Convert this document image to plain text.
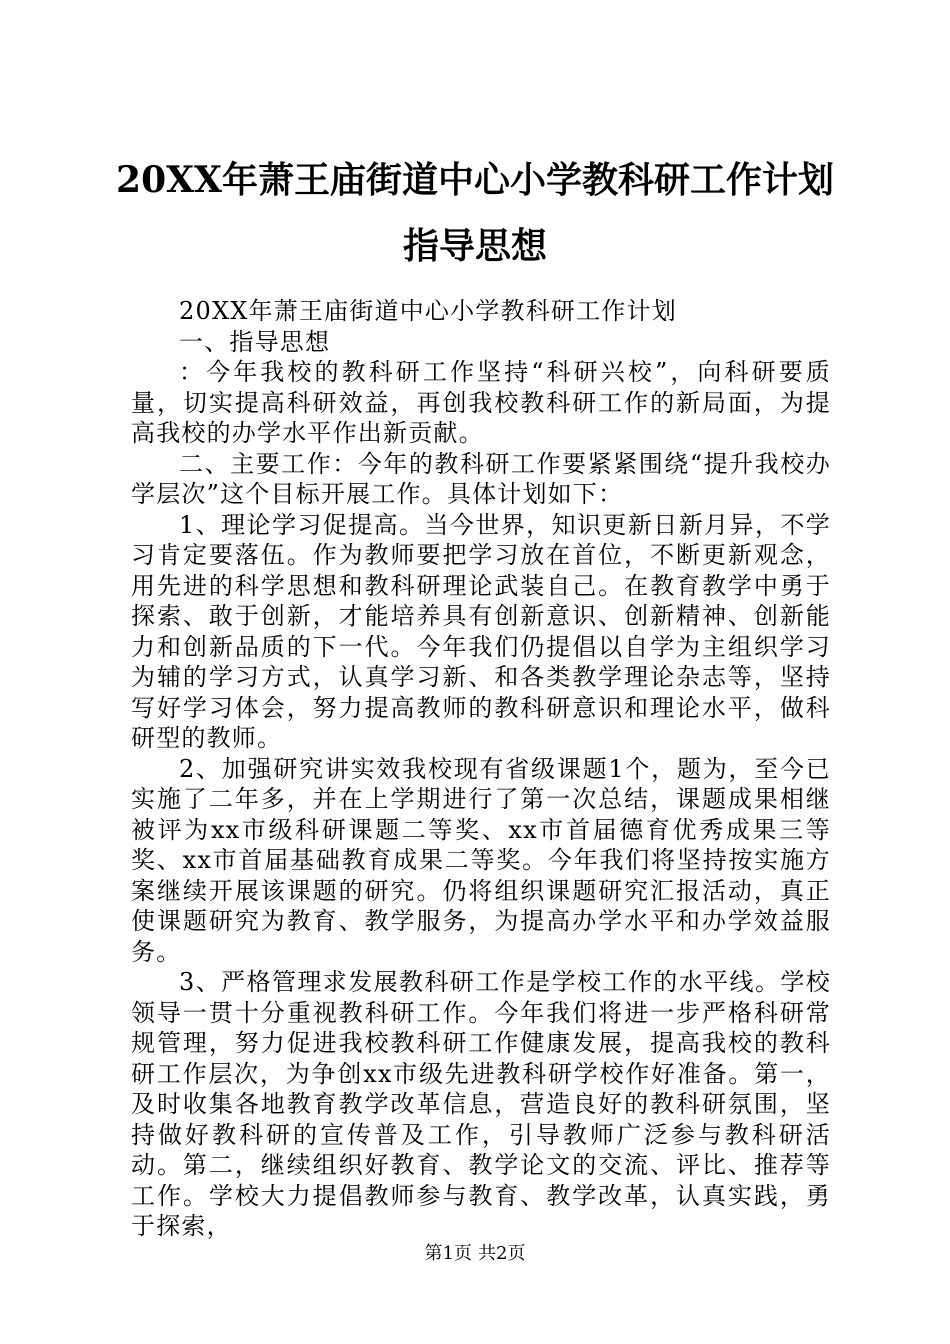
20XX年萧王庙街道中心小学教科研工作计划
指导思想

20XX年萧王庙街道中心小学教科研工作计划

一、指导思想

：今年我校的教科研工作坚持“科研兴校”，向科研要质量，切实提高科研效益，再创我校教科研工作的新局面，为提高我校的办学水平作出新贡献。

二、主要工作：今年的教科研工作要紧紧围绕“提升我校办学层次”这个目标开展工作。具体计划如下：

1、理论学习促提高。当今世界，知识更新日新月异，不学习肯定要落伍。作为教师要把学习放在首位，不断更新观念，用先进的科学思想和教科研理论武装自己。在教育教学中勇于探索、敢于创新，才能培养具有创新意识、创新精神、创新能力和创新品质的下一代。今年我们仍提倡以自学为主组织学习为辅的学习方式，认真学习新、和各类教学理论杂志等，坚持写好学习体会，努力提高教师的教科研意识和理论水平，做科研型的教师。

2、加强研究讲实效我校现有省级课题1个，题为，至今已实施了二年多，并在上学期进行了第一次总结，课题成果相继被评为xx市级科研课题二等奖、xx市首届德育优秀成果三等奖、xx市首届基础教育成果二等奖。今年我们将坚持按实施方案继续开展该课题的研究。仍将组织课题研究汇报活动，真正使课题研究为教育、教学服务，为提高办学水平和办学效益服务。

3、严格管理求发展教科研工作是学校工作的水平线。学校领导一贯十分重视教科研工作。今年我们将进一步严格科研常规管理，努力促进我校教科研工作健康发展，提高我校的教科研工作层次，为争创xx市级先进教科研学校作好准备。第一，及时收集各地教育教学改革信息，营造良好的教科研氛围，坚持做好教科研的宣传普及工作，引导教师广泛参与教科研活动。第二，继续组织好教育、教学论文的交流、评比、推荐等工作。学校大力提倡教师参与教育、教学改革，认真实践，勇于探索，

第1页 共2页
